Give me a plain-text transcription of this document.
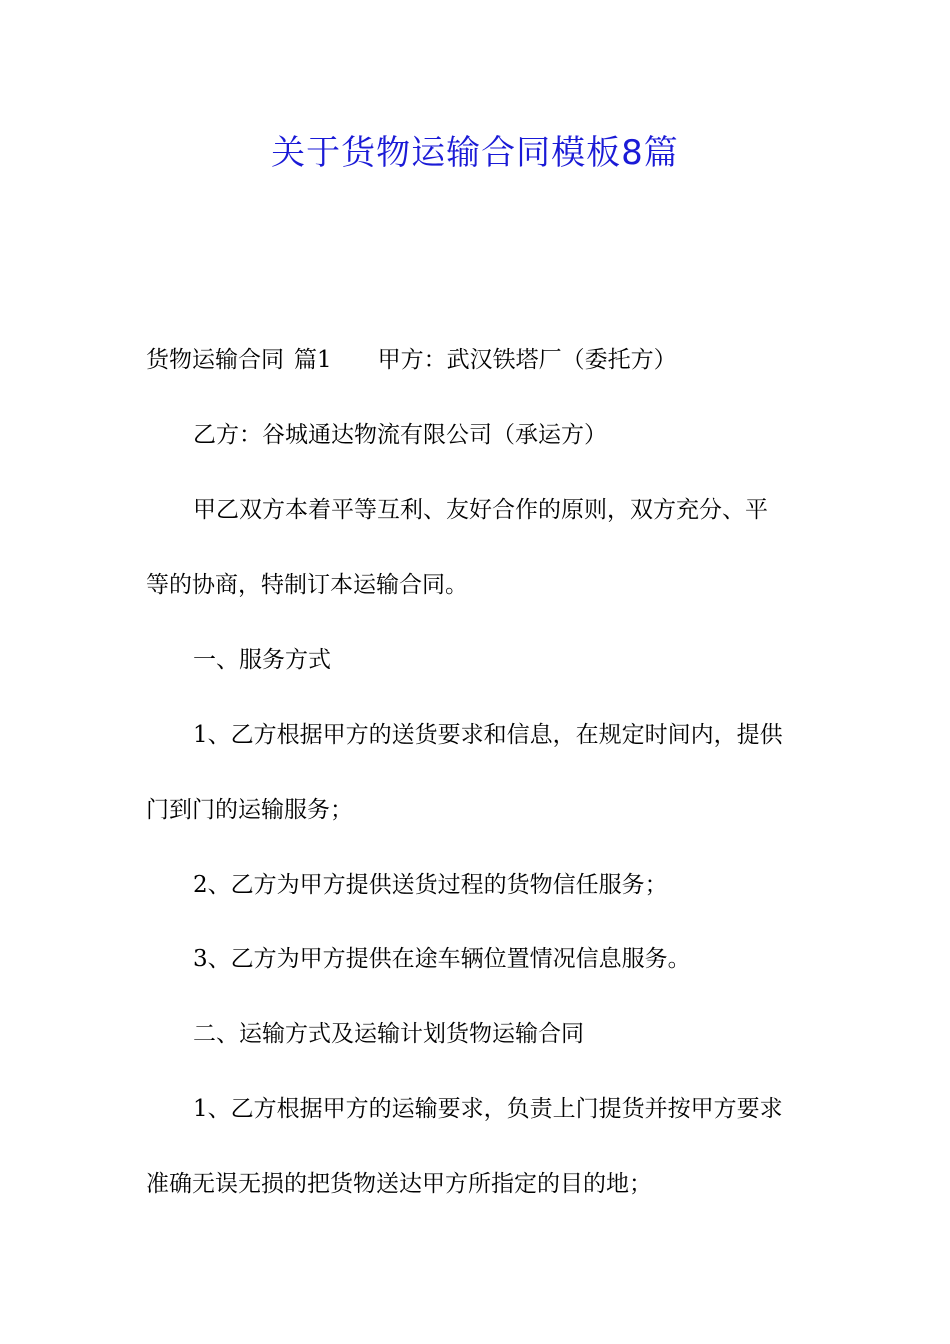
关于货物运输合同模板8篇

货物运输合同 篇1 甲方：武汉铁塔厂（委托方）

乙方：谷城通达物流有限公司（承运方）

甲乙双方本着平等互利、友好合作的原则，双方充分、平

等的协商，特制订本运输合同。

一、服务方式

1、乙方根据甲方的送货要求和信息，在规定时间内，提供

门到门的运输服务；

2、乙方为甲方提供送货过程的货物信任服务；

3、乙方为甲方提供在途车辆位置情况信息服务。

二、运输方式及运输计划货物运输合同

1、乙方根据甲方的运输要求，负责上门提货并按甲方要求

准确无误无损的把货物送达甲方所指定的目的地；
